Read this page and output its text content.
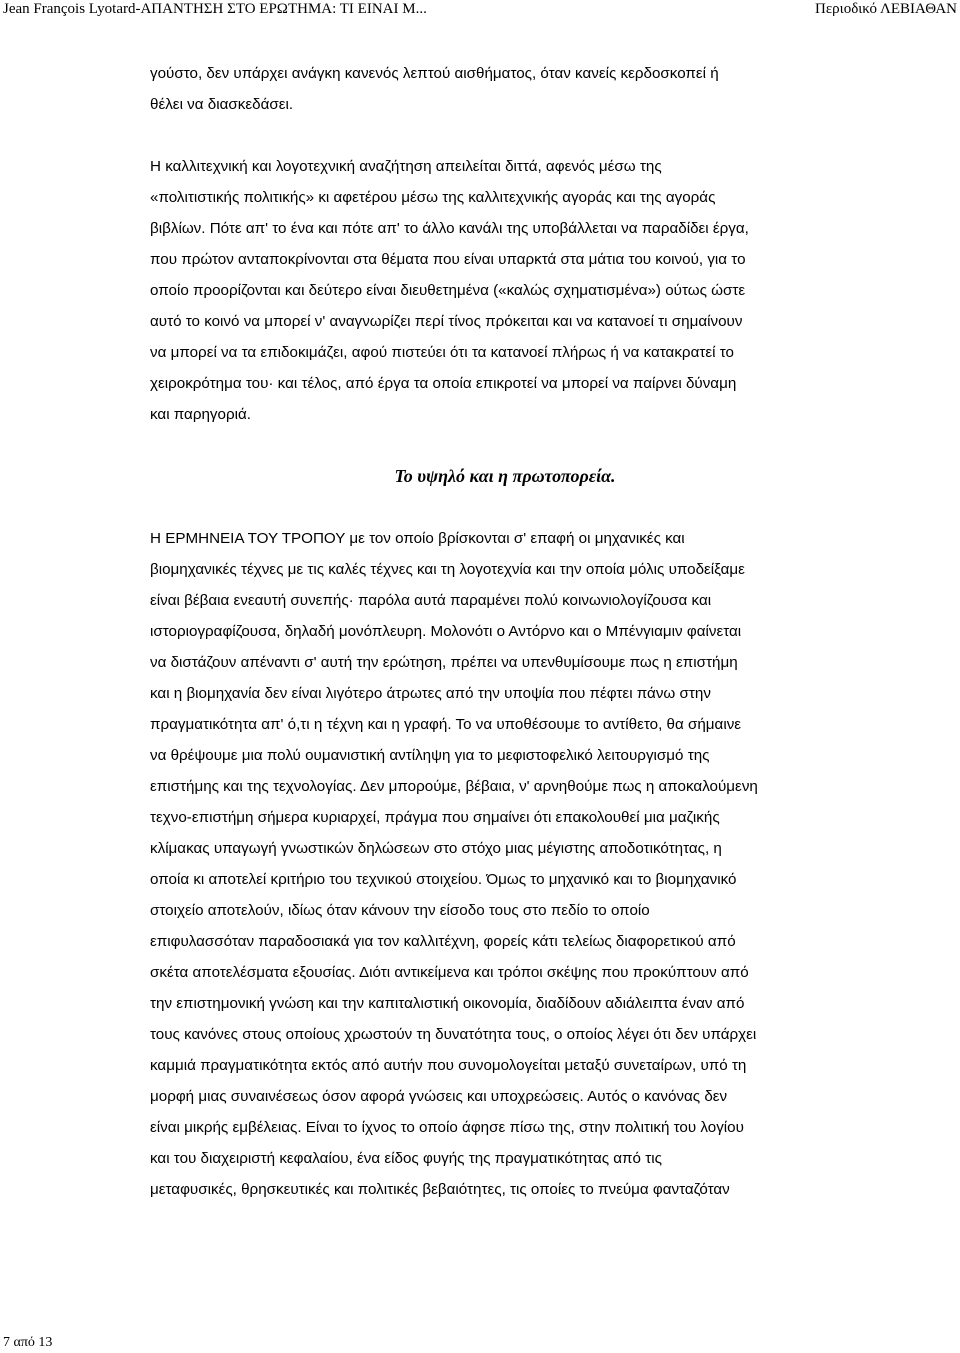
Jean François Lyotard-ΑΠΑΝΤΗΣΗ ΣΤΟ ΕΡΩΤΗΜΑ: ΤΙ ΕΙΝΑΙ Μ...	Περιοδικό ΛΕΒΙΑΘΑΝ

γούστο, δεν υπάρχει ανάγκη κανενός λεπτού αισθήματος, όταν κανείς κερδοσκοπεί ή
θέλει να διασκεδάσει.

Η καλλιτεχνική και λογοτεχνική αναζήτηση απειλείται διττά, αφενός μέσω της
«πολιτιστικής πολιτικής» κι αφετέρου μέσω της καλλιτεχνικής αγοράς και της αγοράς
βιβλίων. Πότε απ' το ένα και πότε απ' το άλλο κανάλι της υποβάλλεται να παραδίδει έργα,
που πρώτον ανταποκρίνονται στα θέματα που είναι υπαρκτά στα μάτια του κοινού, για το
οποίο προορίζονται και δεύτερο είναι διευθετημένα («καλώς σχηματισμένα») ούτως ώστε
αυτό το κοινό να μπορεί ν' αναγνωρίζει περί τίνος πρόκειται και να κατανοεί τι σημαίνουν
να μπορεί να τα επιδοκιμάζει, αφού πιστεύει ότι τα κατανοεί πλήρως ή να κατακρατεί το
χειροκρότημα του· και τέλος, από έργα τα οποία επικροτεί να μπορεί να παίρνει δύναμη
και παρηγοριά.

Το υψηλό και η πρωτοπορεία.

Η ΕΡΜΗΝΕΙΑ ΤΟΥ ΤΡΟΠΟΥ με τον οποίο βρίσκονται σ' επαφή οι μηχανικές και
βιομηχανικές τέχνες με τις καλές τέχνες και τη λογοτεχνία και την οποία μόλις υποδείξαμε
είναι βέβαια ενεαυτή συνεπής· παρόλα αυτά παραμένει πολύ κοινωνιολογίζουσα και
ιστοριογραφίζουσα, δηλαδή μονόπλευρη. Μολονότι ο Αντόρνο και ο Μπένγιαμιν φαίνεται
να διστάζουν απέναντι σ' αυτή την ερώτηση, πρέπει να υπενθυμίσουμε πως η επιστήμη
και η βιομηχανία δεν είναι λιγότερο άτρωτες από την υποψία που πέφτει πάνω στην
πραγματικότητα απ' ό,τι η τέχνη και η γραφή. Το να υποθέσουμε το αντίθετο, θα σήμαινε
να θρέψουμε μια πολύ ουμανιστική αντίληψη για το μεφιστοφελικό λειτουργισμό της
επιστήμης και της τεχνολογίας. Δεν μπορούμε, βέβαια, ν' αρνηθούμε πως η αποκαλούμενη
τεχνο-επιστήμη σήμερα κυριαρχεί, πράγμα που σημαίνει ότι επακολουθεί μια μαζικής
κλίμακας υπαγωγή γνωστικών δηλώσεων στο στόχο μιας μέγιστης αποδοτικότητας, η
οποία κι αποτελεί κριτήριο του τεχνικού στοιχείου. Όμως το μηχανικό και το βιομηχανικό
στοιχείο αποτελούν, ιδίως όταν κάνουν την είσοδο τους στο πεδίο το οποίο
επιφυλασσόταν παραδοσιακά για τον καλλιτέχνη, φορείς κάτι τελείως διαφορετικού από
σκέτα αποτελέσματα εξουσίας. Διότι αντικείμενα και τρόποι σκέψης που προκύπτουν από
την επιστημονική γνώση και την καπιταλιστική οικονομία, διαδίδουν αδιάλειπτα έναν από
τους κανόνες στους οποίους χρωστούν τη δυνατότητα τους, ο οποίος λέγει ότι δεν υπάρχει
καμμιά πραγματικότητα εκτός από αυτήν που συνομολογείται μεταξύ συνεταίρων, υπό τη
μορφή μιας συναινέσεως όσον αφορά γνώσεις και υποχρεώσεις. Αυτός ο κανόνας δεν
είναι μικρής εμβέλειας. Είναι το ίχνος το οποίο άφησε πίσω της, στην πολιτική του λογίου
και του διαχειριστή κεφαλαίου, ένα είδος φυγής της πραγματικότητας από τις
μεταφυσικές, θρησκευτικές και πολιτικές βεβαιότητες, τις οποίες το πνεύμα φανταζόταν

7 από 13
